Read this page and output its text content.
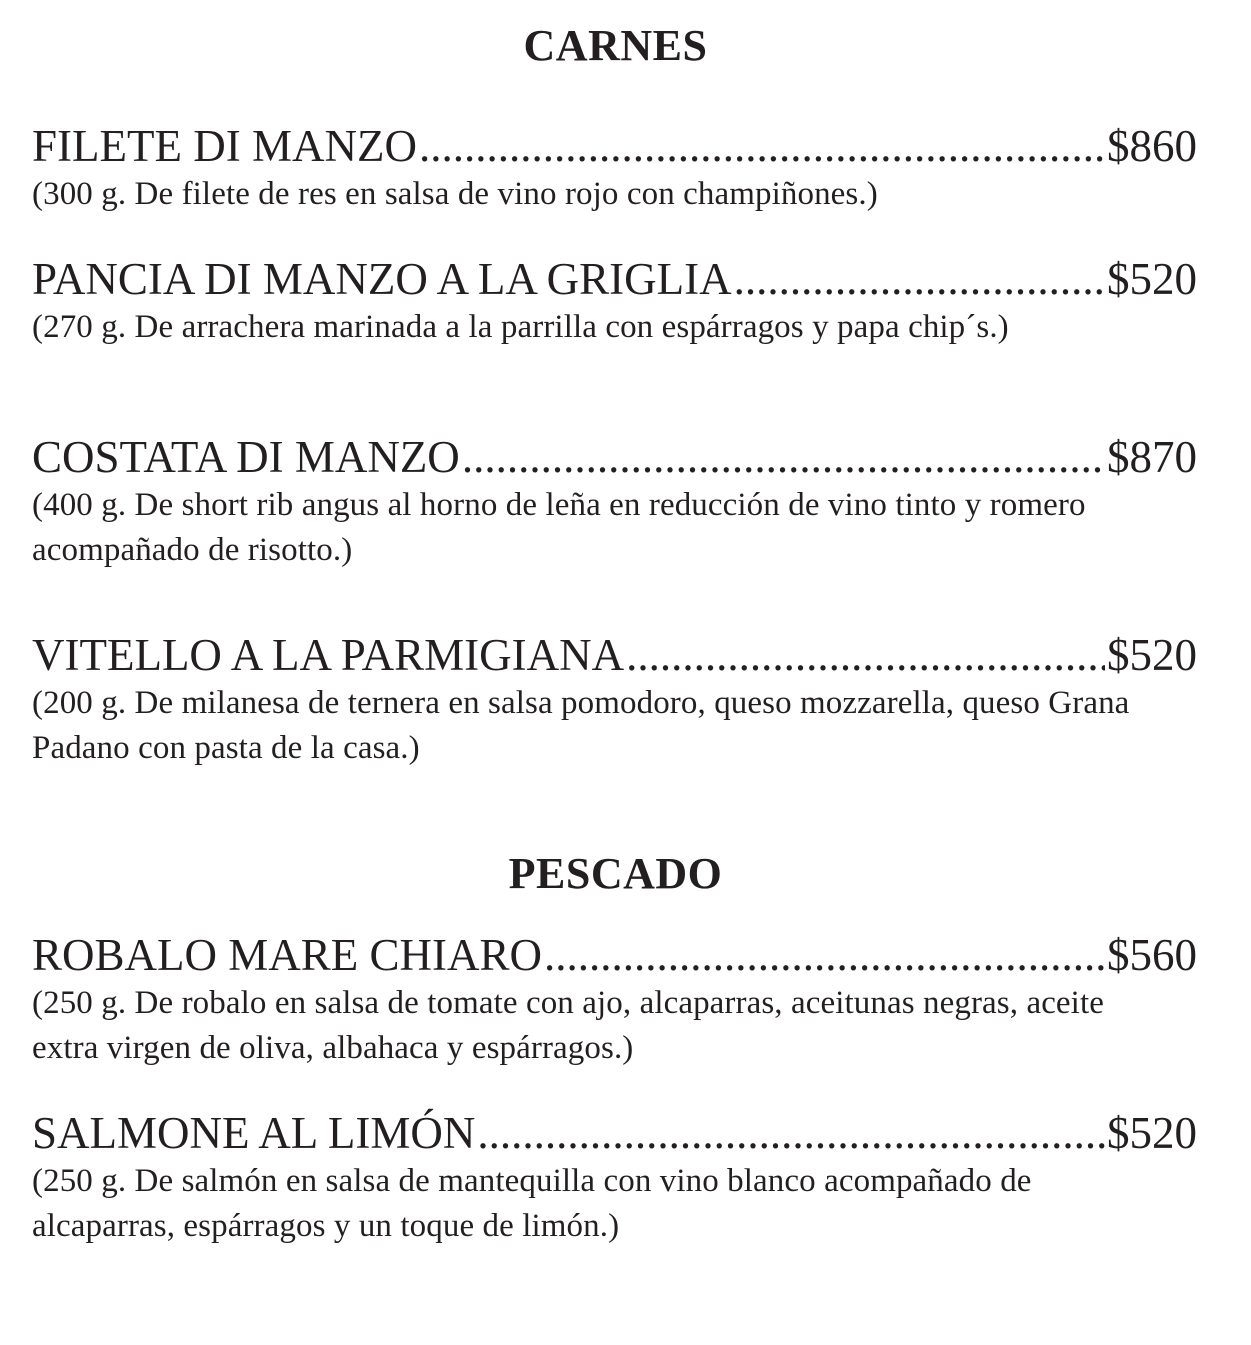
CARNES
FILETE DI MANZO .....	$860
(300 g. De filete de res en salsa de vino rojo con champiñones.)
PANCIA DI MANZO A LA GRIGLIA .....	$520
(270 g. De arrachera marinada a la parrilla con espárragos y papa chip´s.)
COSTATA DI MANZO .....	$870
(400 g. De short rib angus al horno de leña en reducción de vino tinto y romero acompañado de risotto.)
VITELLO A LA PARMIGIANA .....	$520
(200 g. De milanesa de ternera en salsa pomodoro, queso mozzarella, queso Grana Padano con pasta de la casa.)
PESCADO
ROBALO MARE CHIARO .....	$560
(250 g. De robalo en salsa de tomate con ajo, alcaparras, aceitunas negras, aceite extra virgen de oliva, albahaca y espárragos.)
SALMONE AL LIMÓN .....	$520
(250 g. De salmón en salsa de mantequilla con vino blanco acompañado de alcaparras, espárragos y un toque de limón.)
